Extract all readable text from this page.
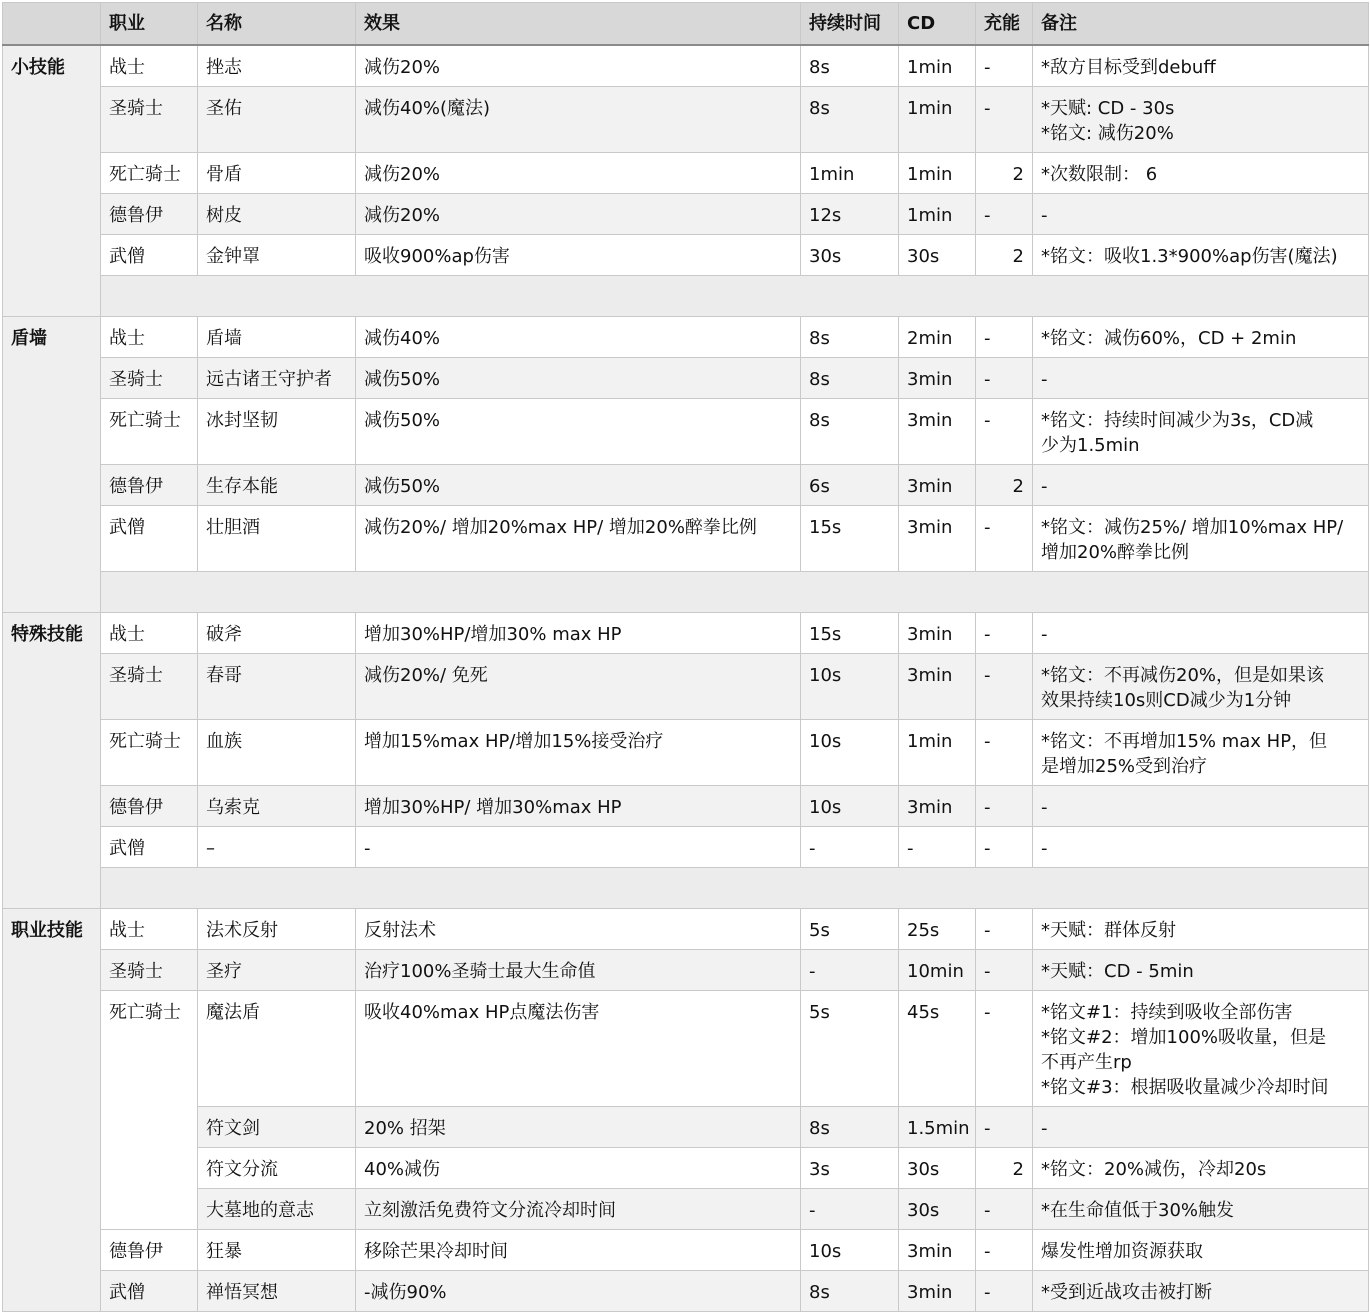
	职业	名称	效果	持续时间	CD	充能	备注
小技能	战士	挫志	减伤20%	8s	1min	-	*敌方目标受到debuff

	圣骑士	圣佑	减伤40%(魔法)	8s	1min	-	*天赋: CD - 30s
*铭文: 减伤20%

	死亡骑士	骨盾	减伤20%	1min	1min	2	*次数限制： 6

	德鲁伊	树皮	减伤20%	12s	1min	-	-

	武僧	金钟罩	吸收900%ap伤害	30s	30s	2	*铭文：吸收1.3*900%ap伤害(魔法)

盾墙	战士	盾墙	减伤40%	8s	2min	-	*铭文：减伤60%，CD + 2min

	圣骑士	远古诸王守护者	减伤50%	8s	3min	-	-

	死亡骑士	冰封坚韧	减伤50%	8s	3min	-	*铭文：持续时间减少为3s，CD减
少为1.5min

	德鲁伊	生存本能	减伤50%	6s	3min	2	-

	武僧	壮胆酒	减伤20%/ 增加20%max HP/ 增加20%醉拳比例	15s	3min	-	*铭文：减伤25%/ 增加10%max HP/
增加20%醉拳比例

特殊技能	战士	破斧	增加30%HP/增加30% max HP	15s	3min	-	-

	圣骑士	春哥	减伤20%/ 免死	10s	3min	-	*铭文：不再减伤20%，但是如果该
效果持续10s则CD减少为1分钟

	死亡骑士	血族	增加15%max HP/增加15%接受治疗	10s	1min	-	*铭文：不再增加15% max HP，但
是增加25%受到治疗

	德鲁伊	乌索克	增加30%HP/ 增加30%max HP	10s	3min	-	-

	武僧	–	-	-	-	-	-

职业技能	战士	法术反射	反射法术	5s	25s	-	*天赋：群体反射

	圣骑士	圣疗	治疗100%圣骑士最大生命值	-	10min	-	*天赋：CD - 5min

	死亡骑士	魔法盾	吸收40%max HP点魔法伤害	5s	45s	-	*铭文#1：持续到吸收全部伤害
*铭文#2：增加100%吸收量，但是
不再产生rp
*铭文#3：根据吸收量减少冷却时间

		符文剑	20% 招架	8s	1.5min	-	-

		符文分流	40%减伤	3s	30s	2	*铭文：20%减伤，冷却20s

		大墓地的意志	立刻激活免费符文分流冷却时间	-	30s	-	*在生命值低于30%触发

	德鲁伊	狂暴	移除芒果冷却时间	10s	3min	-	爆发性增加资源获取

	武僧	禅悟冥想	-减伤90%	8s	3min	-	*受到近战攻击被打断
